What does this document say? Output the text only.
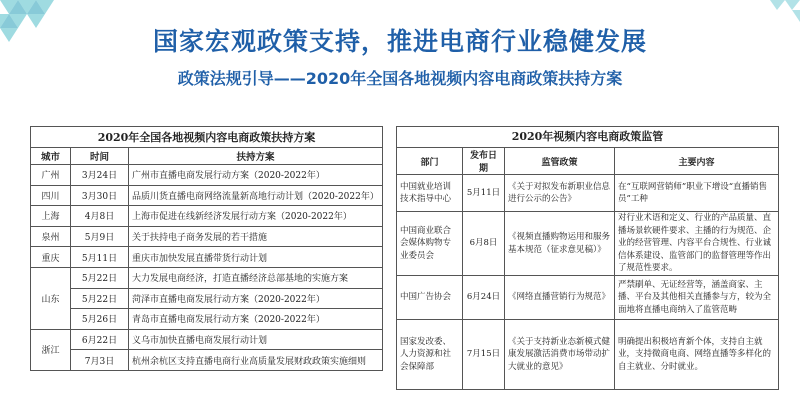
国家宏观政策支持，推进电商行业稳健发展
政策法规引导——2020年全国各地视频内容电商政策扶持方案
2020年全国各地视频内容电商政策扶持方案		
城市	时间	扶持方案
广州	3月24日	广州市直播电商发展行动方案（2020-2022年）
四川	3月30日	品质川货直播电商网络流量新高地行动计划（2020-2022年）
上海	4月8日	上海市促进在线新经济发展行动方案（2020-2022年）
泉州	5月9日	关于扶持电子商务发展的若干措施
重庆	5月11日	重庆市加快发展直播带货行动计划
山东	5月22日	大力发展电商经济，打造直播经济总部基地的实施方案
	5月22日	菏泽市直播电商发展行动方案（2020-2022年）
	5月26日	青岛市直播电商发展行动方案（2020-2022年）
浙江	6月22日	义乌市加快直播电商发展行动计划
	7月3日	杭州余杭区支持直播电商行业高质量发展财政政策实施细则
2020年视频内容电商政策监管			
部门	发布日期	监管政策	主要内容
中国就业培训技术指导中心	5月11日	《关于对拟发布新职业信息进行公示的公告》	在“互联网营销师”职业下增设“直播销售员”工种
中国商业联合会媒体购物专业委员会	6月8日	《视频直播购物运用和服务基本规范（征求意见稿）》	对行业术语和定义、行业的产品质量、直播场景软硬件要求、主播的行为规范、企业的经营管理、内容平台合规性、行业诚信体系建设、监管部门的监督管理等作出了规范性要求。
中国广告协会	6月24日	《网络直播营销行为规范》	严禁刷单、无证经营等，涵盖商家、主播、平台及其他相关直播参与方，较为全面地将直播电商纳入了监管范畴
国家发改委、人力资源和社会保障部	7月15日	《关于支持新业态新模式健康发展激活消费市场带动扩大就业的意见》	明确提出积极培育新个体，支持自主就业，支持微商电商、网络直播等多样化的自主就业、分时就业。
